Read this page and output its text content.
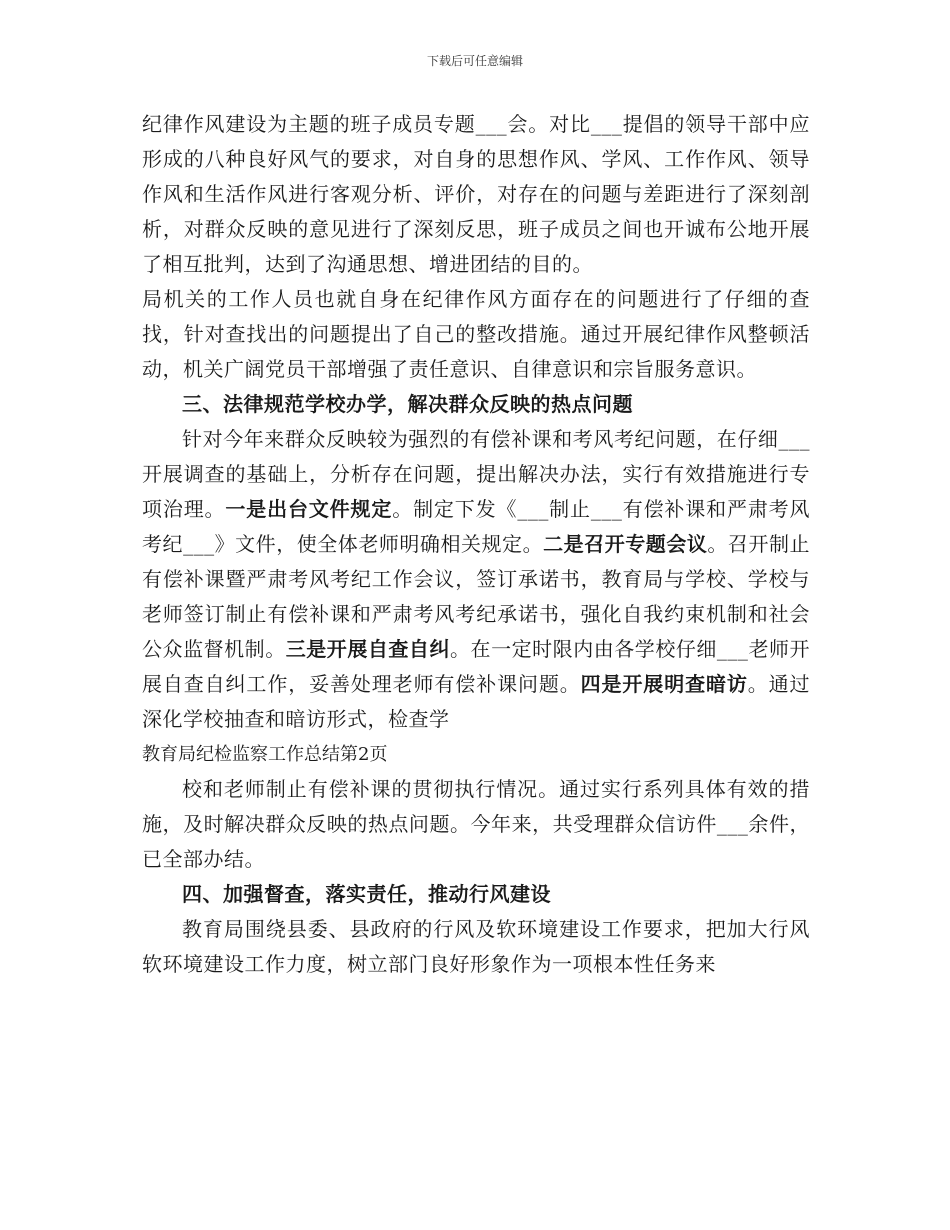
下载后可任意编辑

纪律作风建设为主题的班子成员专题___会。对比___提倡的领导干部中应形成的八种良好风气的要求，对自身的思想作风、学风、工作作风、领导作风和生活作风进行客观分析、评价，对存在的问题与差距进行了深刻剖析，对群众反映的意见进行了深刻反思，班子成员之间也开诚布公地开展了相互批判，达到了沟通思想、增进团结的目的。

局机关的工作人员也就自身在纪律作风方面存在的问题进行了仔细的查找，针对查找出的问题提出了自己的整改措施。通过开展纪律作风整顿活动，机关广阔党员干部增强了责任意识、自律意识和宗旨服务意识。

三、法律规范学校办学，解决群众反映的热点问题

针对今年来群众反映较为强烈的有偿补课和考风考纪问题，在仔细___开展调查的基础上，分析存在问题，提出解决办法，实行有效措施进行专项治理。一是出台文件规定。制定下发《___制止___有偿补课和严肃考风考纪___》文件，使全体老师明确相关规定。二是召开专题会议。召开制止有偿补课暨严肃考风考纪工作会议，签订承诺书，教育局与学校、学校与老师签订制止有偿补课和严肃考风考纪承诺书，强化自我约束机制和社会公众监督机制。三是开展自查自纠。在一定时限内由各学校仔细___老师开展自查自纠工作，妥善处理老师有偿补课问题。四是开展明查暗访。通过深化学校抽查和暗访形式，检查学

教育局纪检监察工作总结第2页

校和老师制止有偿补课的贯彻执行情况。通过实行系列具体有效的措施，及时解决群众反映的热点问题。今年来，共受理群众信访件___余件，已全部办结。

四、加强督查，落实责任，推动行风建设

教育局围绕县委、县政府的行风及软环境建设工作要求，把加大行风软环境建设工作力度，树立部门良好形象作为一项根本性任务来
